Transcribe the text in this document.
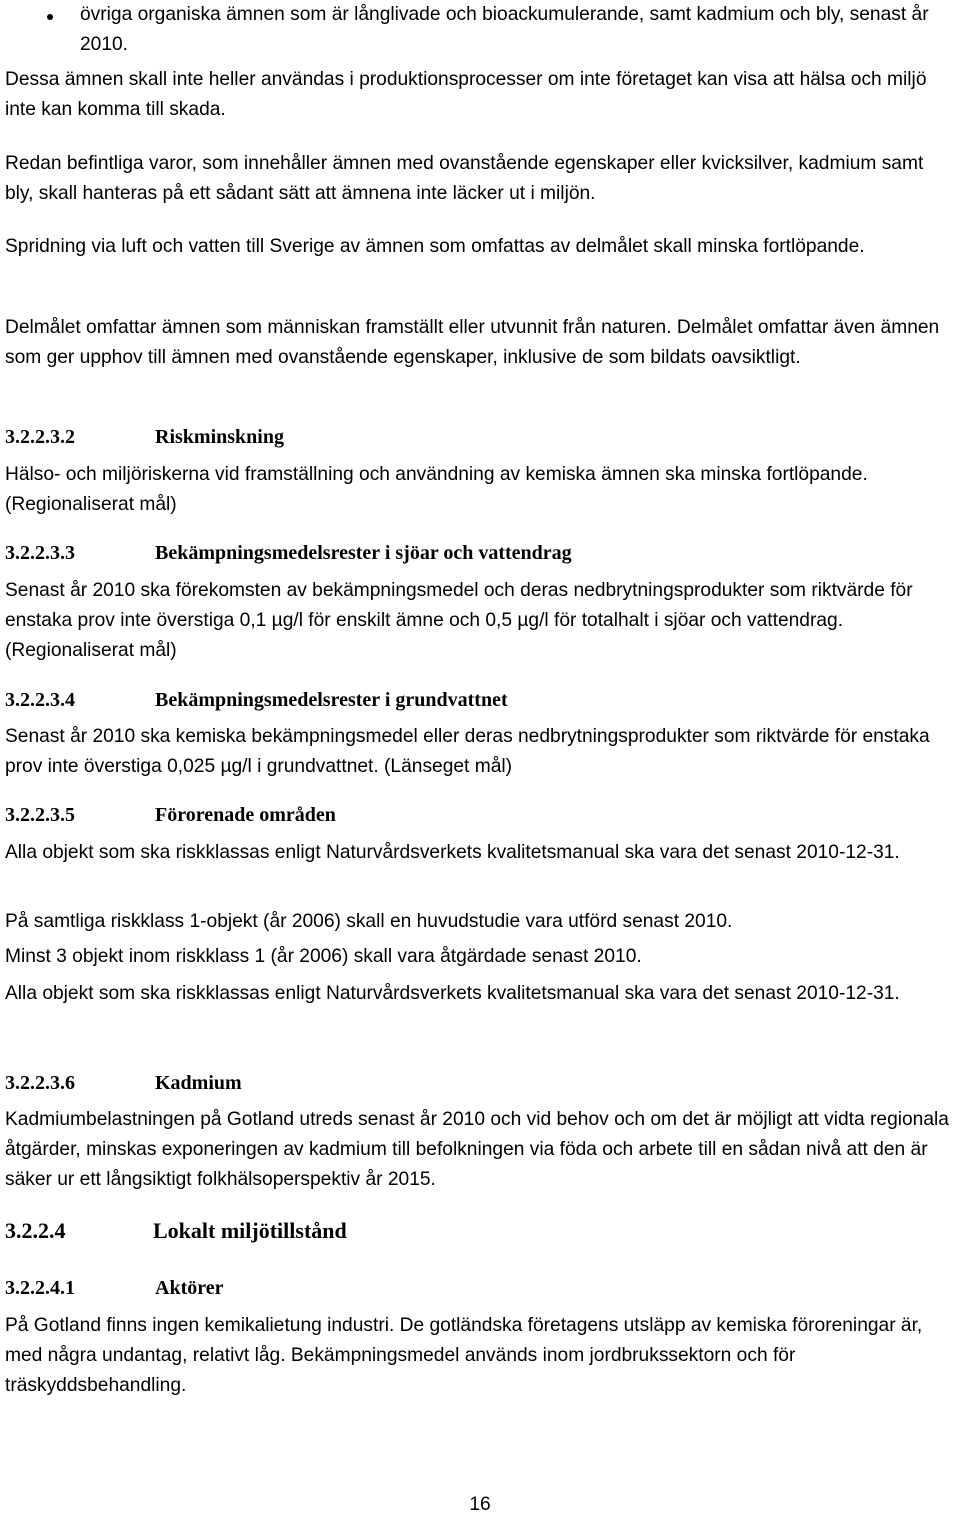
övriga organiska ämnen som är långlivade och bioackumulerande, samt kadmium och bly, senast år 2010.

Dessa ämnen skall inte heller användas i produktionsprocesser om inte företaget kan visa att hälsa och miljö inte kan komma till skada.

Redan befintliga varor, som innehåller ämnen med ovanstående egenskaper eller kvicksilver, kadmium samt bly, skall hanteras på ett sådant sätt att ämnena inte läcker ut i miljön.

Spridning via luft och vatten till Sverige av ämnen som omfattas av delmålet skall minska fortlöpande.

Delmålet omfattar ämnen som människan framställt eller utvunnit från naturen. Delmålet omfattar även ämnen som ger upphov till ämnen med ovanstående egenskaper, inklusive de som bildats oavsiktligt.

3.2.2.3.2	Riskminskning

Hälso- och miljöriskerna vid framställning och användning av kemiska ämnen ska minska fortlöpande. (Regionaliserat mål)

3.2.2.3.3	Bekämpningsmedelsrester i sjöar och vattendrag

Senast år 2010 ska förekomsten av bekämpningsmedel och deras nedbrytningsprodukter som riktvärde för enstaka prov inte överstiga 0,1 µg/l för enskilt ämne och 0,5 µg/l för totalhalt i sjöar och vattendrag. (Regionaliserat mål)

3.2.2.3.4	Bekämpningsmedelsrester i grundvattnet

Senast år 2010 ska kemiska bekämpningsmedel eller deras nedbrytningsprodukter som riktvärde för enstaka prov inte överstiga 0,025 µg/l i grundvattnet. (Länseget mål)

3.2.2.3.5	Förorenade områden

Alla objekt som ska riskklassas enligt Naturvårdsverkets kvalitetsmanual ska vara det senast 2010-12-31.

På samtliga riskklass 1-objekt (år 2006) skall en huvudstudie vara utförd senast 2010.

Minst 3 objekt inom riskklass 1 (år 2006) skall vara åtgärdade senast 2010.

Alla objekt som ska riskklassas enligt Naturvårdsverkets kvalitetsmanual ska vara det senast 2010-12-31.

3.2.2.3.6	Kadmium

Kadmiumbelastningen på Gotland utreds senast år 2010 och vid behov och om det är möjligt att vidta regionala åtgärder, minskas exponeringen av kadmium till befolkningen via föda och arbete till en sådan nivå att den är säker ur ett långsiktigt folkhälsoperspektiv år 2015.

3.2.2.4	Lokalt miljötillstånd
3.2.2.4.1	Aktörer

På Gotland finns ingen kemikalietung industri. De gotländska företagens utsläpp av kemiska föroreningar är, med några undantag, relativt låg. Bekämpningsmedel används inom jordbrukssektorn och för träskyddsbehandling.

16
